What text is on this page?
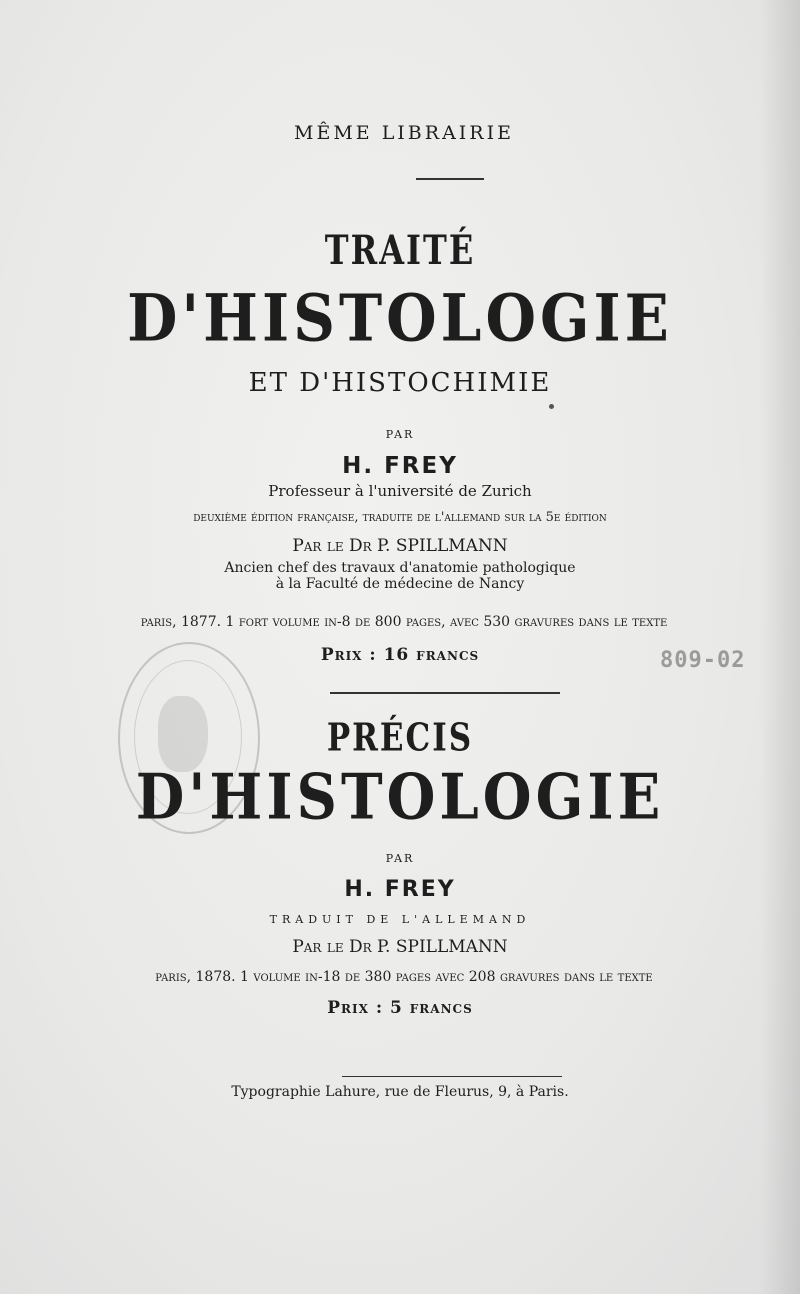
809-02
MÊME LIBRAIRIE
TRAITÉ
D'HISTOLOGIE
ET D'HISTOCHIMIE
PAR
H. FREY
Professeur à l'université de Zurich
deuxième édition française, traduite de l'allemand sur la 5e édition
Par le Dr P. SPILLMANN
Ancien chef des travaux d'anatomie pathologique
à la Faculté de médecine de Nancy
paris, 1877. 1 fort volume in-8 de 800 pages, avec 530 gravures dans le texte
Prix : 16 francs
PRÉCIS
D'HISTOLOGIE
PAR
H. FREY
TRADUIT DE L'ALLEMAND
Par le Dr P. SPILLMANN
paris, 1878. 1 volume in-18 de 380 pages avec 208 gravures dans le texte
Prix : 5 francs
Typographie Lahure, rue de Fleurus, 9, à Paris.
